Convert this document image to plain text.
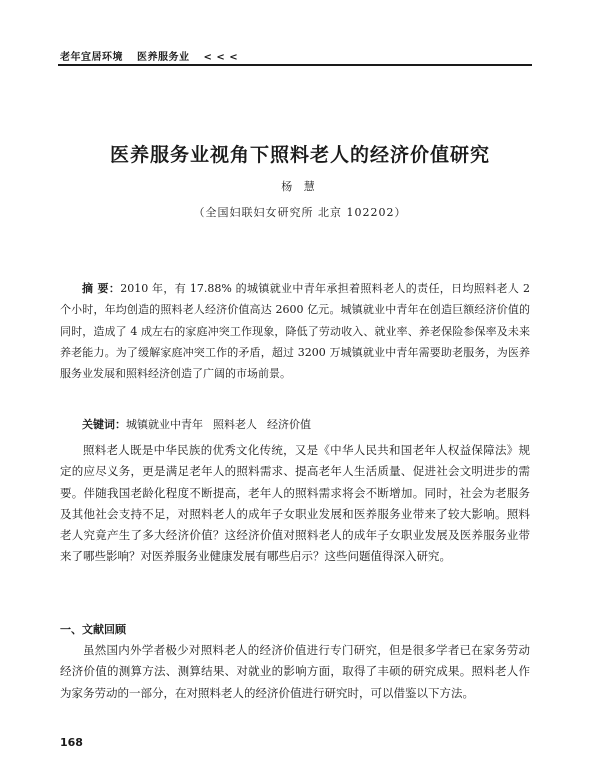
老年宜居环境 医养服务业 < < <
医养服务业视角下照料老人的经济价值研究
杨 慧
（全国妇联妇女研究所 北京 102202）
摘 要：2010 年，有 17.88% 的城镇就业中青年承担着照料老人的责任，日均照料老人 2 个小时，年均创造的照料老人经济价值高达 2600 亿元。城镇就业中青年在创造巨额经济价值的同时，造成了 4 成左右的家庭冲突工作现象，降低了劳动收入、就业率、养老保险参保率及未来养老能力。为了缓解家庭冲突工作的矛盾，超过 3200 万城镇就业中青年需要助老服务，为医养服务业发展和照料经济创造了广阔的市场前景。
关键词：城镇就业中青年 照料老人 经济价值
照料老人既是中华民族的优秀文化传统，又是《中华人民共和国老年人权益保障法》规定的应尽义务，更是满足老年人的照料需求、提高老年人生活质量、促进社会文明进步的需要。伴随我国老龄化程度不断提高，老年人的照料需求将会不断增加。同时，社会为老服务及其他社会支持不足，对照料老人的成年子女职业发展和医养服务业带来了较大影响。照料老人究竟产生了多大经济价值？这经济价值对照料老人的成年子女职业发展及医养服务业带来了哪些影响？对医养服务业健康发展有哪些启示？这些问题值得深入研究。
一、文献回顾
虽然国内外学者极少对照料老人的经济价值进行专门研究，但是很多学者已在家务劳动经济价值的测算方法、测算结果、对就业的影响方面，取得了丰硕的研究成果。照料老人作为家务劳动的一部分，在对照料老人的经济价值进行研究时，可以借鉴以下方法。
168
